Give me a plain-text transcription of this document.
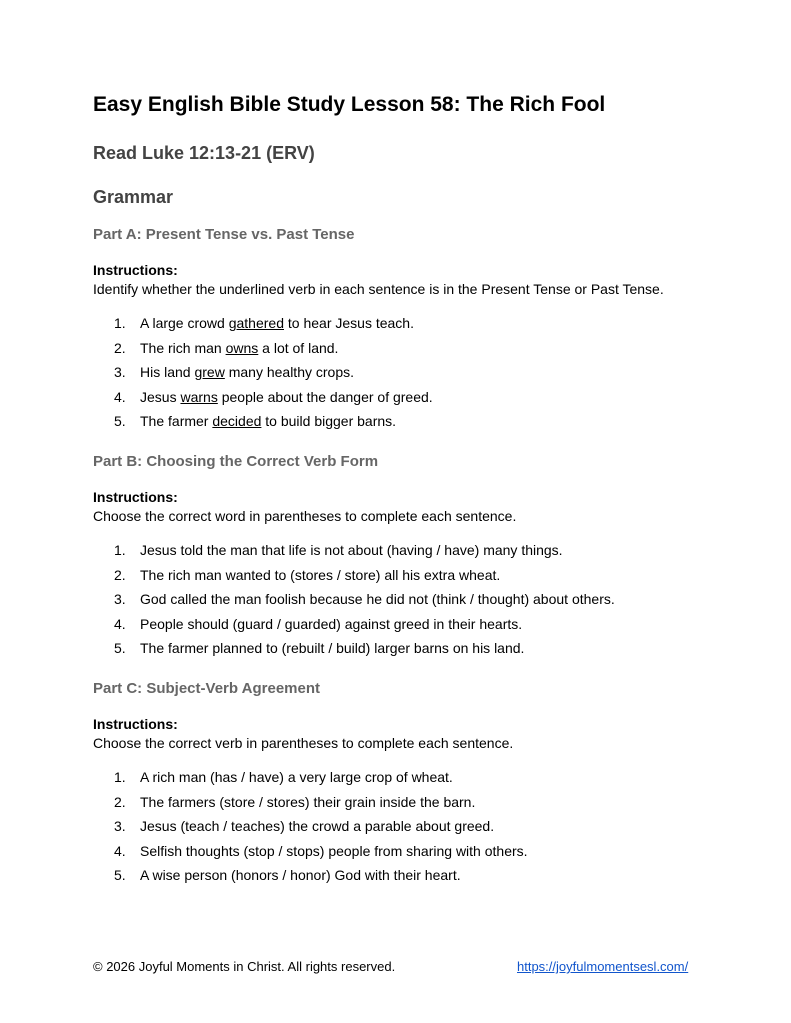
Easy English Bible Study Lesson 58: The Rich Fool
Read Luke 12:13-21 (ERV)
Grammar
Part A: Present Tense vs. Past Tense
Instructions:
Identify whether the underlined verb in each sentence is in the Present Tense or Past Tense.
1.	A large crowd gathered to hear Jesus teach.
2.	The rich man owns a lot of land.
3.	His land grew many healthy crops.
4.	Jesus warns people about the danger of greed.
5.	The farmer decided to build bigger barns.
Part B: Choosing the Correct Verb Form
Instructions:
Choose the correct word in parentheses to complete each sentence.
1.	Jesus told the man that life is not about (having / have) many things.
2.	The rich man wanted to (stores / store) all his extra wheat.
3.	God called the man foolish because he did not (think / thought) about others.
4.	People should (guard / guarded) against greed in their hearts.
5.	The farmer planned to (rebuilt / build) larger barns on his land.
Part C: Subject-Verb Agreement
Instructions:
Choose the correct verb in parentheses to complete each sentence.
1.	A rich man (has / have) a very large crop of wheat.
2.	The farmers (store / stores) their grain inside the barn.
3.	Jesus (teach / teaches) the crowd a parable about greed.
4.	Selfish thoughts (stop / stops) people from sharing with others.
5.	A wise person (honors / honor) God with their heart.
© 2026 Joyful Moments in Christ. All rights reserved.	https://joyfulmomentsesl.com/
